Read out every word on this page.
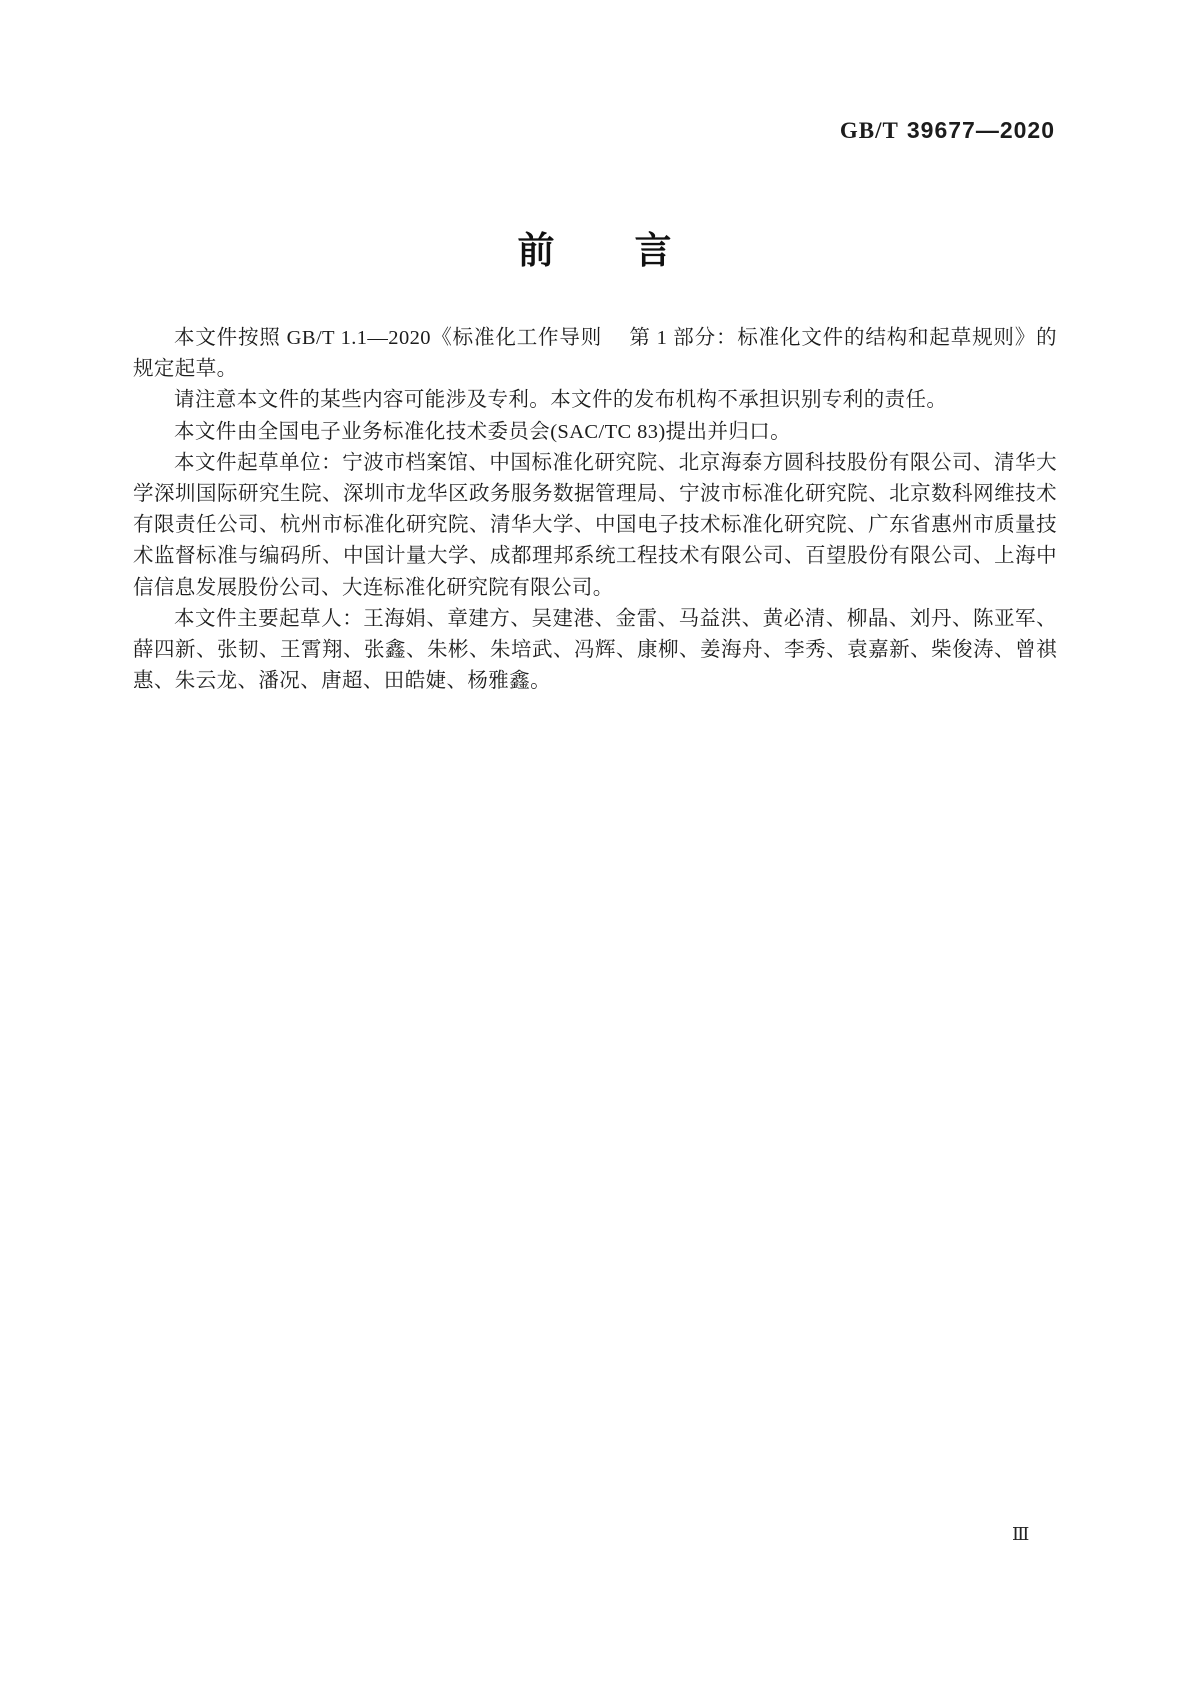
GB/T 39677—2020
前　　言

本文件按照 GB/T 1.1—2020《标准化工作导则　 第 1 部分：标准化文件的结构和起草规则》的规定起草。

请注意本文件的某些内容可能涉及专利。本文件的发布机构不承担识别专利的责任。

本文件由全国电子业务标准化技术委员会(SAC/TC 83)提出并归口。

本文件起草单位：宁波市档案馆、中国标准化研究院、北京海泰方圆科技股份有限公司、清华大学深圳国际研究生院、深圳市龙华区政务服务数据管理局、宁波市标准化研究院、北京数科网维技术有限责任公司、杭州市标准化研究院、清华大学、中国电子技术标准化研究院、广东省惠州市质量技术监督标准与编码所、中国计量大学、成都理邦系统工程技术有限公司、百望股份有限公司、上海中信信息发展股份公司、大连标准化研究院有限公司。

本文件主要起草人：王海娟、章建方、吴建港、金雷、马益洪、黄必清、柳晶、刘丹、陈亚军、薛四新、张韧、王霄翔、张鑫、朱彬、朱培武、冯辉、康柳、姜海舟、李秀、袁嘉新、柴俊涛、曾祺惠、朱云龙、潘况、唐超、田皓婕、杨雅鑫。

Ⅲ
